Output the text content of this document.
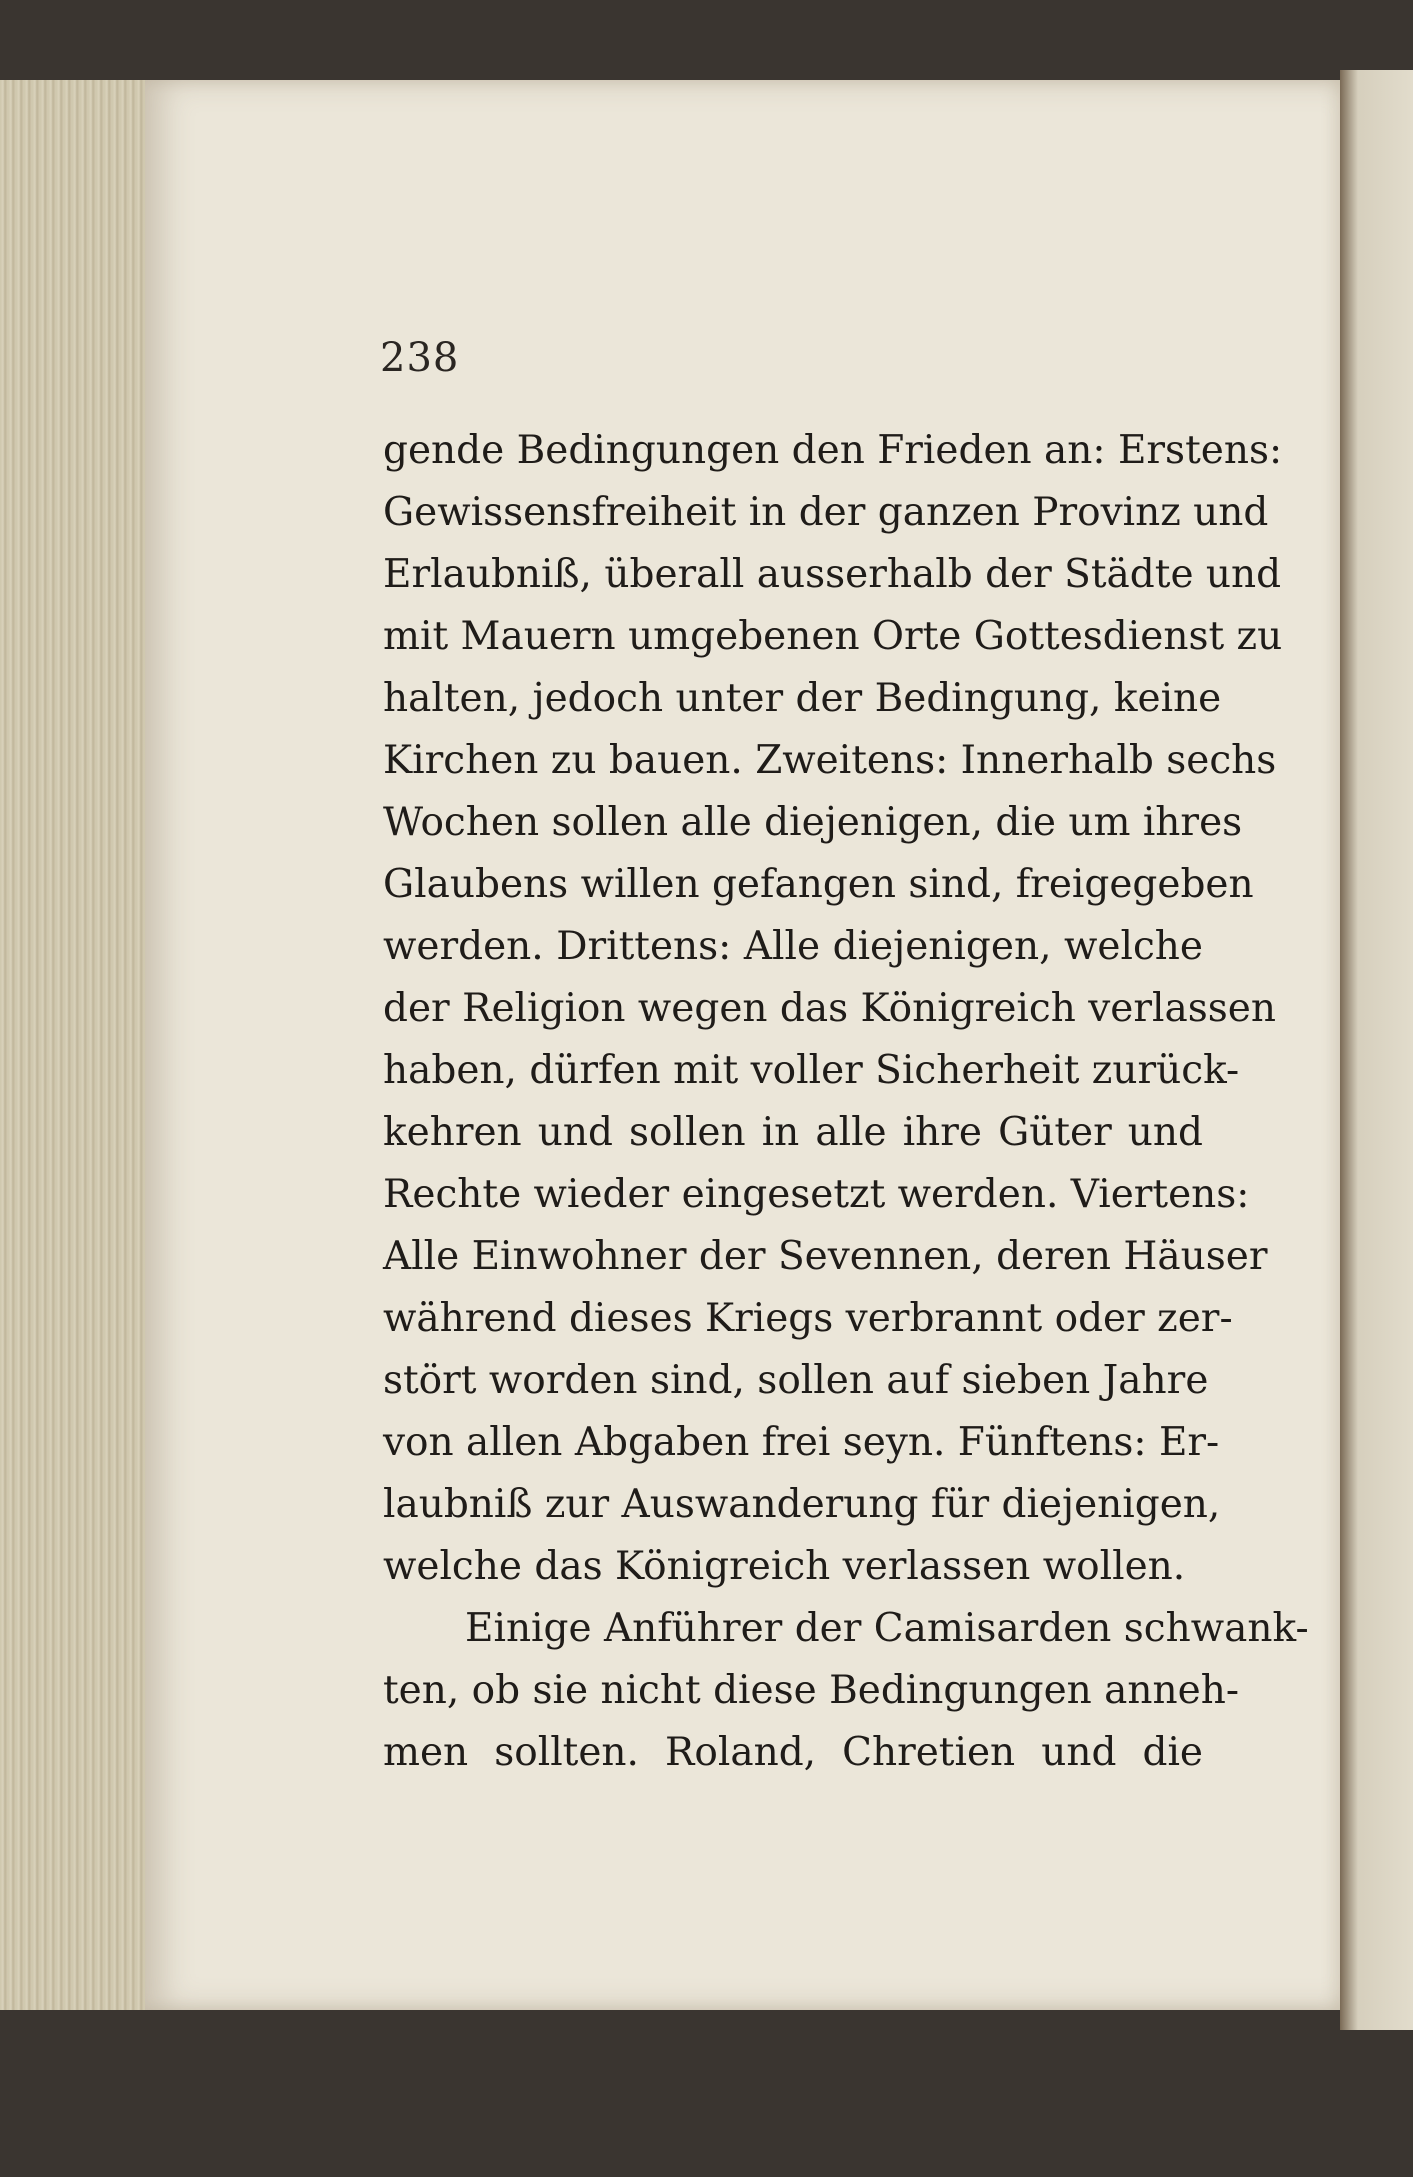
238
gende Bedingungen den Frieden an: Erstens:
Gewissensfreiheit in der ganzen Provinz und
Erlaubniß, überall ausserhalb der Städte und
mit Mauern umgebenen Orte Gottesdienst zu
halten, jedoch unter der Bedingung, keine
Kirchen zu bauen. Zweitens: Innerhalb sechs
Wochen sollen alle diejenigen, die um ihres
Glaubens willen gefangen sind, freigegeben
werden. Drittens: Alle diejenigen, welche
der Religion wegen das Königreich verlassen
haben, dürfen mit voller Sicherheit zurück-
kehren und sollen in alle ihre Güter und
Rechte wieder eingesetzt werden. Viertens:
Alle Einwohner der Sevennen, deren Häuser
während dieses Kriegs verbrannt oder zer-
stört worden sind, sollen auf sieben Jahre
von allen Abgaben frei seyn. Fünftens: Er-
laubniß zur Auswanderung für diejenigen,
welche das Königreich verlassen wollen.
Einige Anführer der Camisarden schwank-
ten, ob sie nicht diese Bedingungen anneh-
men sollten. Roland, Chretien und die
